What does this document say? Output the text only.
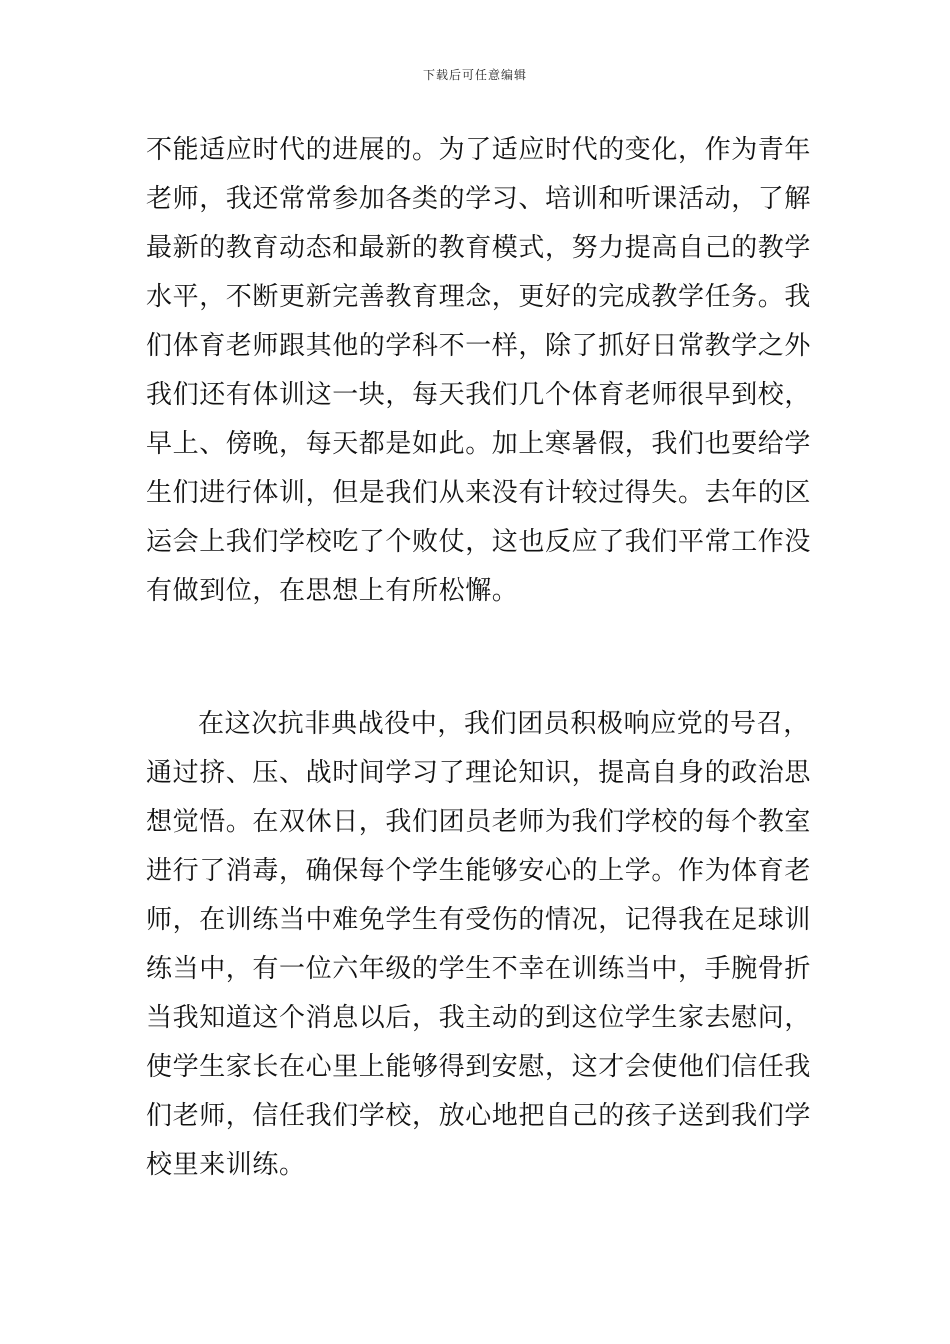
下载后可任意编辑
不能适应时代的进展的。为了适应时代的变化，作为青年
老师，我还常常参加各类的学习、培训和听课活动，了解
最新的教育动态和最新的教育模式，努力提高自己的教学
水平，不断更新完善教育理念，更好的完成教学任务。我
们体育老师跟其他的学科不一样，除了抓好日常教学之外
我们还有体训这一块，每天我们几个体育老师很早到校，
早上、傍晚，每天都是如此。加上寒暑假，我们也要给学
生们进行体训，但是我们从来没有计较过得失。去年的区
运会上我们学校吃了个败仗，这也反应了我们平常工作没
有做到位，在思想上有所松懈。
在这次抗非典战役中，我们团员积极响应党的号召，
通过挤、压、战时间学习了理论知识，提高自身的政治思
想觉悟。在双休日，我们团员老师为我们学校的每个教室
进行了消毒，确保每个学生能够安心的上学。作为体育老
师，在训练当中难免学生有受伤的情况，记得我在足球训
练当中，有一位六年级的学生不幸在训练当中，手腕骨折
当我知道这个消息以后，我主动的到这位学生家去慰问，
使学生家长在心里上能够得到安慰，这才会使他们信任我
们老师，信任我们学校，放心地把自己的孩子送到我们学
校里来训练。
